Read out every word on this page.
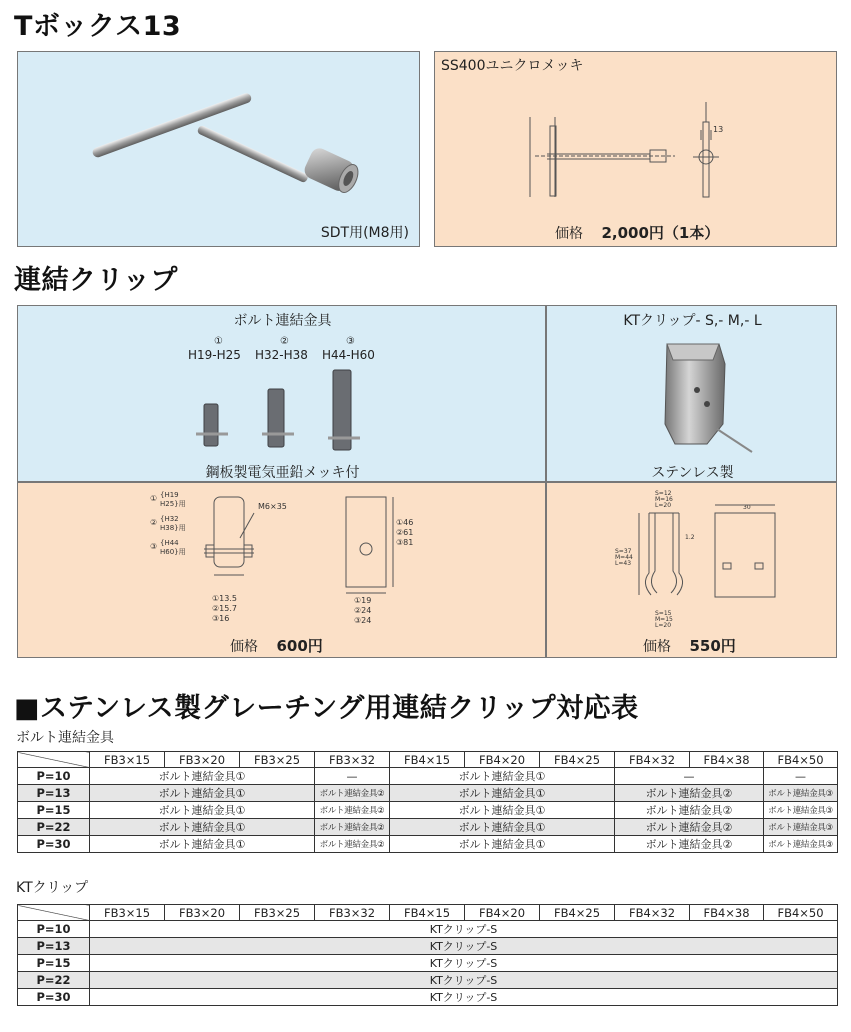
Tボックス13
SDT用(M8用)
SS400ユニクロメッキ
13
価格 2,000円（1本）
連結クリップ
ボルト連結金具
①	②	③
H19-H25 H32-H38 H44-H60
鋼板製電気亜鉛メッキ付
KTクリップ- S,- M,- L
ステンレス製
① {H19
H25}用
② {H32
H38}用
③ {H44
H60}用
M6×35
①13.5
②15.7
③16
①46
②61
③81
①19
②24
③24
価格 600円
S=12
M=16
L=20
1.2
S=37
M=44
L=43
S=15
M=15
L=20
30
価格 550円
■ステンレス製グレーチング用連結クリップ対応表
ボルト連結金具
	FB3×15	FB3×20	FB3×25	FB3×32	FB4×15	FB4×20	FB4×25	FB4×32	FB4×38	FB4×50
P=10	ボルト連結金具①			—	ボルト連結金具①			—		—
P=13	ボルト連結金具①			ボルト連結金具②	ボルト連結金具①			ボルト連結金具②		ボルト連結金具③
P=15	ボルト連結金具①			ボルト連結金具②	ボルト連結金具①			ボルト連結金具②		ボルト連結金具③
P=22	ボルト連結金具①			ボルト連結金具②	ボルト連結金具①			ボルト連結金具②		ボルト連結金具③
P=30	ボルト連結金具①			ボルト連結金具②	ボルト連結金具①			ボルト連結金具②		ボルト連結金具③
KTクリップ
	FB3×15	FB3×20	FB3×25	FB3×32	FB4×15	FB4×20	FB4×25	FB4×32	FB4×38	FB4×50
P=10	KTクリップ-S									
P=13	KTクリップ-S									
P=15	KTクリップ-S									
P=22	KTクリップ-S									
P=30	KTクリップ-S									
